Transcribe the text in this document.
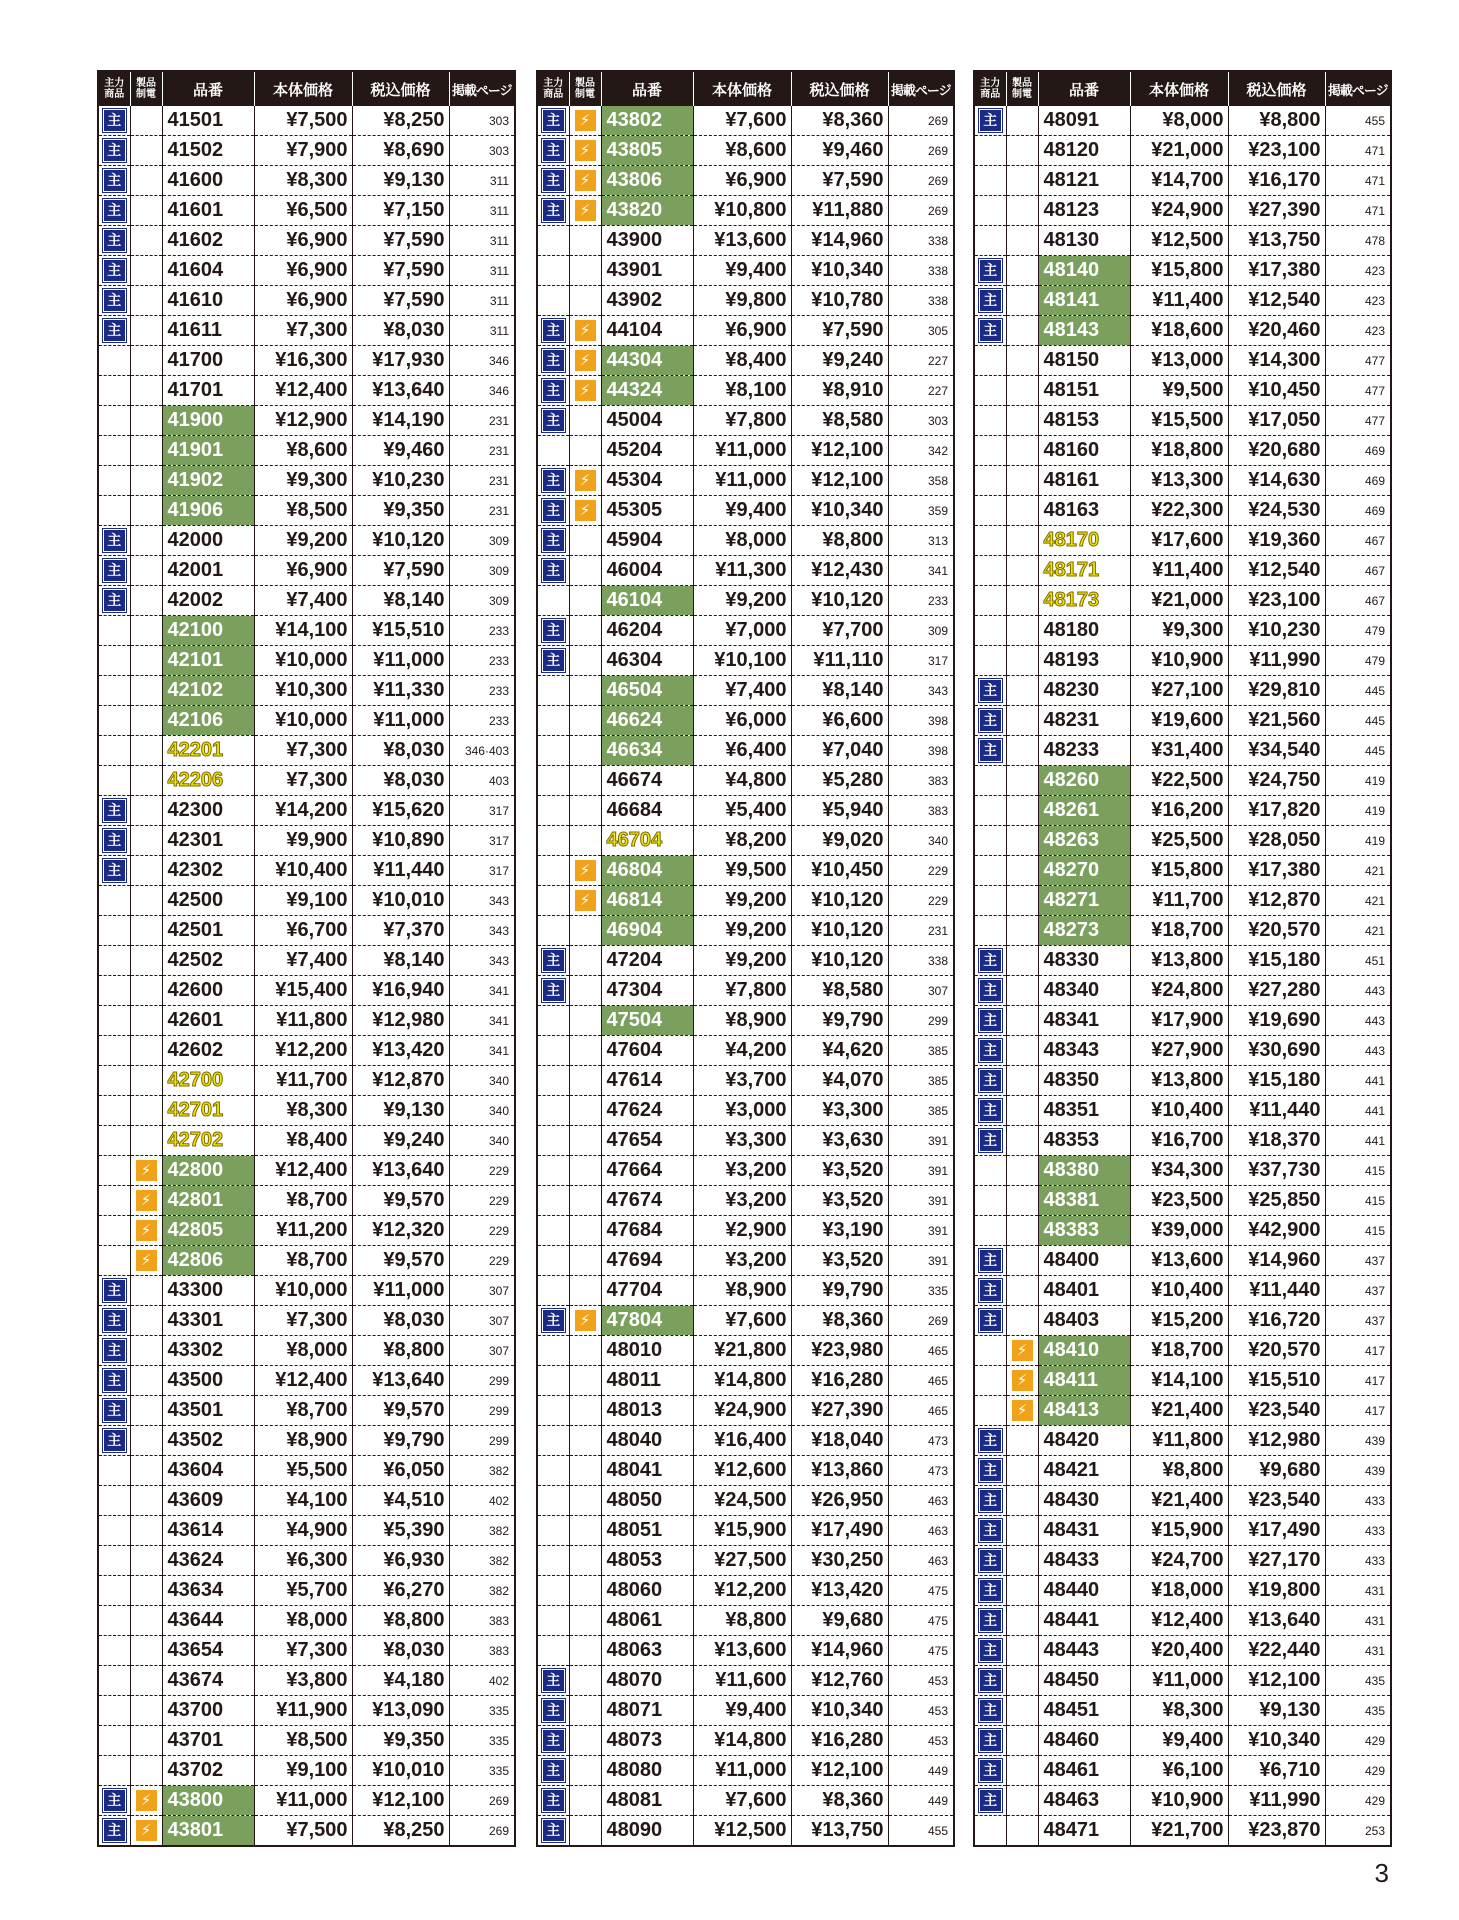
主力
商品	製品
制電	品番	本体価格	税込価格	掲載ページ
主		41501	¥7,500	¥8,250	303
主		41502	¥7,900	¥8,690	303
主		41600	¥8,300	¥9,130	311
主		41601	¥6,500	¥7,150	311
主		41602	¥6,900	¥7,590	311
主		41604	¥6,900	¥7,590	311
主		41610	¥6,900	¥7,590	311
主		41611	¥7,300	¥8,030	311
		41700	¥16,300	¥17,930	346
		41701	¥12,400	¥13,640	346
		41900	¥12,900	¥14,190	231
		41901	¥8,600	¥9,460	231
		41902	¥9,300	¥10,230	231
		41906	¥8,500	¥9,350	231
主		42000	¥9,200	¥10,120	309
主		42001	¥6,900	¥7,590	309
主		42002	¥7,400	¥8,140	309
		42100	¥14,100	¥15,510	233
		42101	¥10,000	¥11,000	233
		42102	¥10,300	¥11,330	233
		42106	¥10,000	¥11,000	233
		42201	¥7,300	¥8,030	346·403
		42206	¥7,300	¥8,030	403
主		42300	¥14,200	¥15,620	317
主		42301	¥9,900	¥10,890	317
主		42302	¥10,400	¥11,440	317
		42500	¥9,100	¥10,010	343
		42501	¥6,700	¥7,370	343
		42502	¥7,400	¥8,140	343
		42600	¥15,400	¥16,940	341
		42601	¥11,800	¥12,980	341
		42602	¥12,200	¥13,420	341
		42700	¥11,700	¥12,870	340
		42701	¥8,300	¥9,130	340
		42702	¥8,400	¥9,240	340
	⚡	42800	¥12,400	¥13,640	229
	⚡	42801	¥8,700	¥9,570	229
	⚡	42805	¥11,200	¥12,320	229
	⚡	42806	¥8,700	¥9,570	229
主		43300	¥10,000	¥11,000	307
主		43301	¥7,300	¥8,030	307
主		43302	¥8,000	¥8,800	307
主		43500	¥12,400	¥13,640	299
主		43501	¥8,700	¥9,570	299
主		43502	¥8,900	¥9,790	299
		43604	¥5,500	¥6,050	382
		43609	¥4,100	¥4,510	402
		43614	¥4,900	¥5,390	382
		43624	¥6,300	¥6,930	382
		43634	¥5,700	¥6,270	382
		43644	¥8,000	¥8,800	383
		43654	¥7,300	¥8,030	383
		43674	¥3,800	¥4,180	402
		43700	¥11,900	¥13,090	335
		43701	¥8,500	¥9,350	335
		43702	¥9,100	¥10,010	335
主	⚡	43800	¥11,000	¥12,100	269
主	⚡	43801	¥7,500	¥8,250	269
主力
商品	製品
制電	品番	本体価格	税込価格	掲載ページ
主	⚡	43802	¥7,600	¥8,360	269
主	⚡	43805	¥8,600	¥9,460	269
主	⚡	43806	¥6,900	¥7,590	269
主	⚡	43820	¥10,800	¥11,880	269
		43900	¥13,600	¥14,960	338
		43901	¥9,400	¥10,340	338
		43902	¥9,800	¥10,780	338
主	⚡	44104	¥6,900	¥7,590	305
主	⚡	44304	¥8,400	¥9,240	227
主	⚡	44324	¥8,100	¥8,910	227
主		45004	¥7,800	¥8,580	303
		45204	¥11,000	¥12,100	342
主	⚡	45304	¥11,000	¥12,100	358
主	⚡	45305	¥9,400	¥10,340	359
主		45904	¥8,000	¥8,800	313
主		46004	¥11,300	¥12,430	341
		46104	¥9,200	¥10,120	233
主		46204	¥7,000	¥7,700	309
主		46304	¥10,100	¥11,110	317
		46504	¥7,400	¥8,140	343
		46624	¥6,000	¥6,600	398
		46634	¥6,400	¥7,040	398
		46674	¥4,800	¥5,280	383
		46684	¥5,400	¥5,940	383
		46704	¥8,200	¥9,020	340
	⚡	46804	¥9,500	¥10,450	229
	⚡	46814	¥9,200	¥10,120	229
		46904	¥9,200	¥10,120	231
主		47204	¥9,200	¥10,120	338
主		47304	¥7,800	¥8,580	307
		47504	¥8,900	¥9,790	299
		47604	¥4,200	¥4,620	385
		47614	¥3,700	¥4,070	385
		47624	¥3,000	¥3,300	385
		47654	¥3,300	¥3,630	391
		47664	¥3,200	¥3,520	391
		47674	¥3,200	¥3,520	391
		47684	¥2,900	¥3,190	391
		47694	¥3,200	¥3,520	391
		47704	¥8,900	¥9,790	335
主	⚡	47804	¥7,600	¥8,360	269
		48010	¥21,800	¥23,980	465
		48011	¥14,800	¥16,280	465
		48013	¥24,900	¥27,390	465
		48040	¥16,400	¥18,040	473
		48041	¥12,600	¥13,860	473
		48050	¥24,500	¥26,950	463
		48051	¥15,900	¥17,490	463
		48053	¥27,500	¥30,250	463
		48060	¥12,200	¥13,420	475
		48061	¥8,800	¥9,680	475
		48063	¥13,600	¥14,960	475
主		48070	¥11,600	¥12,760	453
主		48071	¥9,400	¥10,340	453
主		48073	¥14,800	¥16,280	453
主		48080	¥11,000	¥12,100	449
主		48081	¥7,600	¥8,360	449
主		48090	¥12,500	¥13,750	455
主力
商品	製品
制電	品番	本体価格	税込価格	掲載ページ
主		48091	¥8,000	¥8,800	455
		48120	¥21,000	¥23,100	471
		48121	¥14,700	¥16,170	471
		48123	¥24,900	¥27,390	471
		48130	¥12,500	¥13,750	478
主		48140	¥15,800	¥17,380	423
主		48141	¥11,400	¥12,540	423
主		48143	¥18,600	¥20,460	423
		48150	¥13,000	¥14,300	477
		48151	¥9,500	¥10,450	477
		48153	¥15,500	¥17,050	477
		48160	¥18,800	¥20,680	469
		48161	¥13,300	¥14,630	469
		48163	¥22,300	¥24,530	469
		48170	¥17,600	¥19,360	467
		48171	¥11,400	¥12,540	467
		48173	¥21,000	¥23,100	467
		48180	¥9,300	¥10,230	479
		48193	¥10,900	¥11,990	479
主		48230	¥27,100	¥29,810	445
主		48231	¥19,600	¥21,560	445
主		48233	¥31,400	¥34,540	445
		48260	¥22,500	¥24,750	419
		48261	¥16,200	¥17,820	419
		48263	¥25,500	¥28,050	419
		48270	¥15,800	¥17,380	421
		48271	¥11,700	¥12,870	421
		48273	¥18,700	¥20,570	421
主		48330	¥13,800	¥15,180	451
主		48340	¥24,800	¥27,280	443
主		48341	¥17,900	¥19,690	443
主		48343	¥27,900	¥30,690	443
主		48350	¥13,800	¥15,180	441
主		48351	¥10,400	¥11,440	441
主		48353	¥16,700	¥18,370	441
		48380	¥34,300	¥37,730	415
		48381	¥23,500	¥25,850	415
		48383	¥39,000	¥42,900	415
主		48400	¥13,600	¥14,960	437
主		48401	¥10,400	¥11,440	437
主		48403	¥15,200	¥16,720	437
	⚡	48410	¥18,700	¥20,570	417
	⚡	48411	¥14,100	¥15,510	417
	⚡	48413	¥21,400	¥23,540	417
主		48420	¥11,800	¥12,980	439
主		48421	¥8,800	¥9,680	439
主		48430	¥21,400	¥23,540	433
主		48431	¥15,900	¥17,490	433
主		48433	¥24,700	¥27,170	433
主		48440	¥18,000	¥19,800	431
主		48441	¥12,400	¥13,640	431
主		48443	¥20,400	¥22,440	431
主		48450	¥11,000	¥12,100	435
主		48451	¥8,300	¥9,130	435
主		48460	¥9,400	¥10,340	429
主		48461	¥6,100	¥6,710	429
主		48463	¥10,900	¥11,990	429
		48471	¥21,700	¥23,870	253
3
